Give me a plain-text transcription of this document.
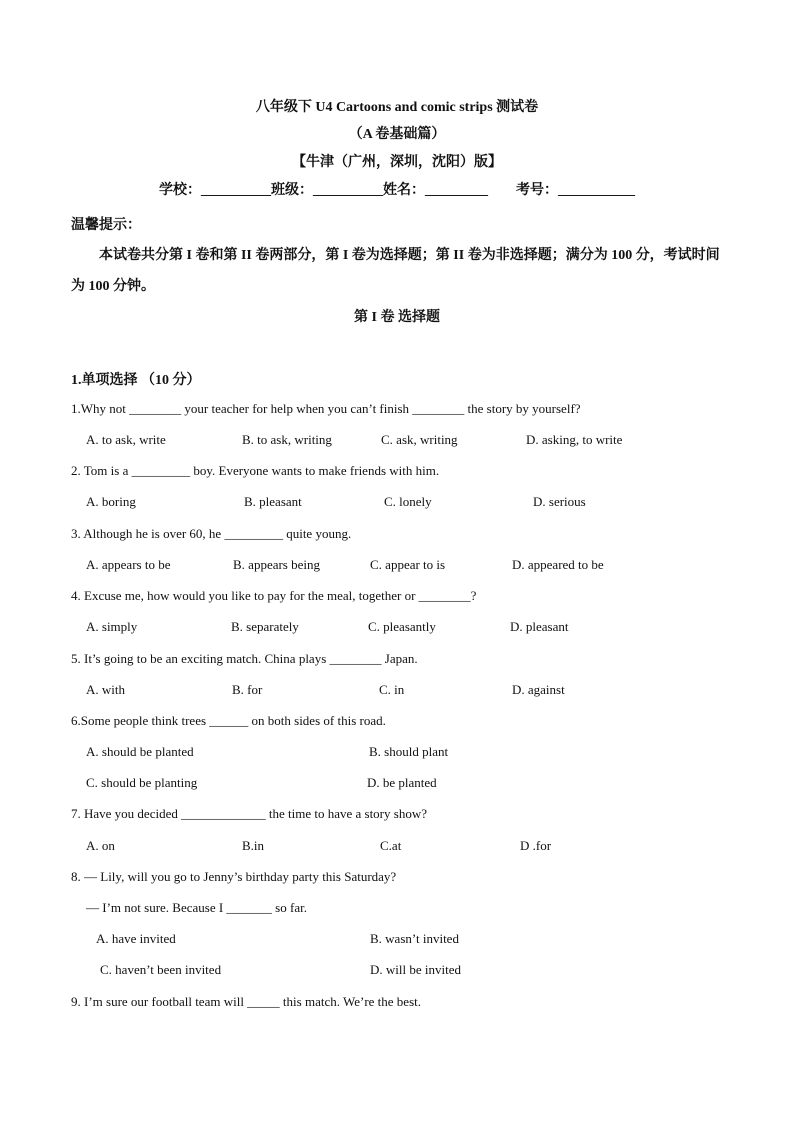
八年级下 U4 Cartoons and comic strips 测试卷
（A 卷基础篇）
【牛津（广州，深圳，沈阳）版】
学校：__________班级：__________姓名：_________　　考号：___________
温馨提示：
本试卷共分第 I 卷和第 II 卷两部分，第 I 卷为选择题；第 II 卷为非选择题；满分为 100 分，考试时间
为 100 分钟。
第 I 卷 选择题
1.单项选择 （10 分）
1.Why not ________ your teacher for help when you can’t finish ________ the story by yourself?
A. to ask, write	B. to ask, writing	C. ask, writing	D. asking, to write
2. Tom is a _________ boy. Everyone wants to make friends with him.
A. boring	B. pleasant	C. lonely	D. serious
3. Although he is over 60, he _________ quite young.
A. appears to be	B. appears being	C. appear to is	D. appeared to be
4. Excuse me, how would you like to pay for the meal, together or ________?
A. simply	B. separately	C. pleasantly	D. pleasant
5. It’s going to be an exciting match. China plays ________ Japan.
A. with	B. for	C. in	D. against
6.Some people think trees ______ on both sides of this road.
A. should be planted	B. should plant
C. should be planting	D. be planted
7. Have you decided _____________ the time to have a story show?
A. on	B.in	C.at	D .for
8. — Lily, will you go to Jenny’s birthday party this Saturday?
— I’m not sure. Because I _______ so far.
A. have invited	B. wasn’t invited
C. haven’t been invited	D. will be invited
9. I’m sure our football team will _____ this match. We’re the best.
